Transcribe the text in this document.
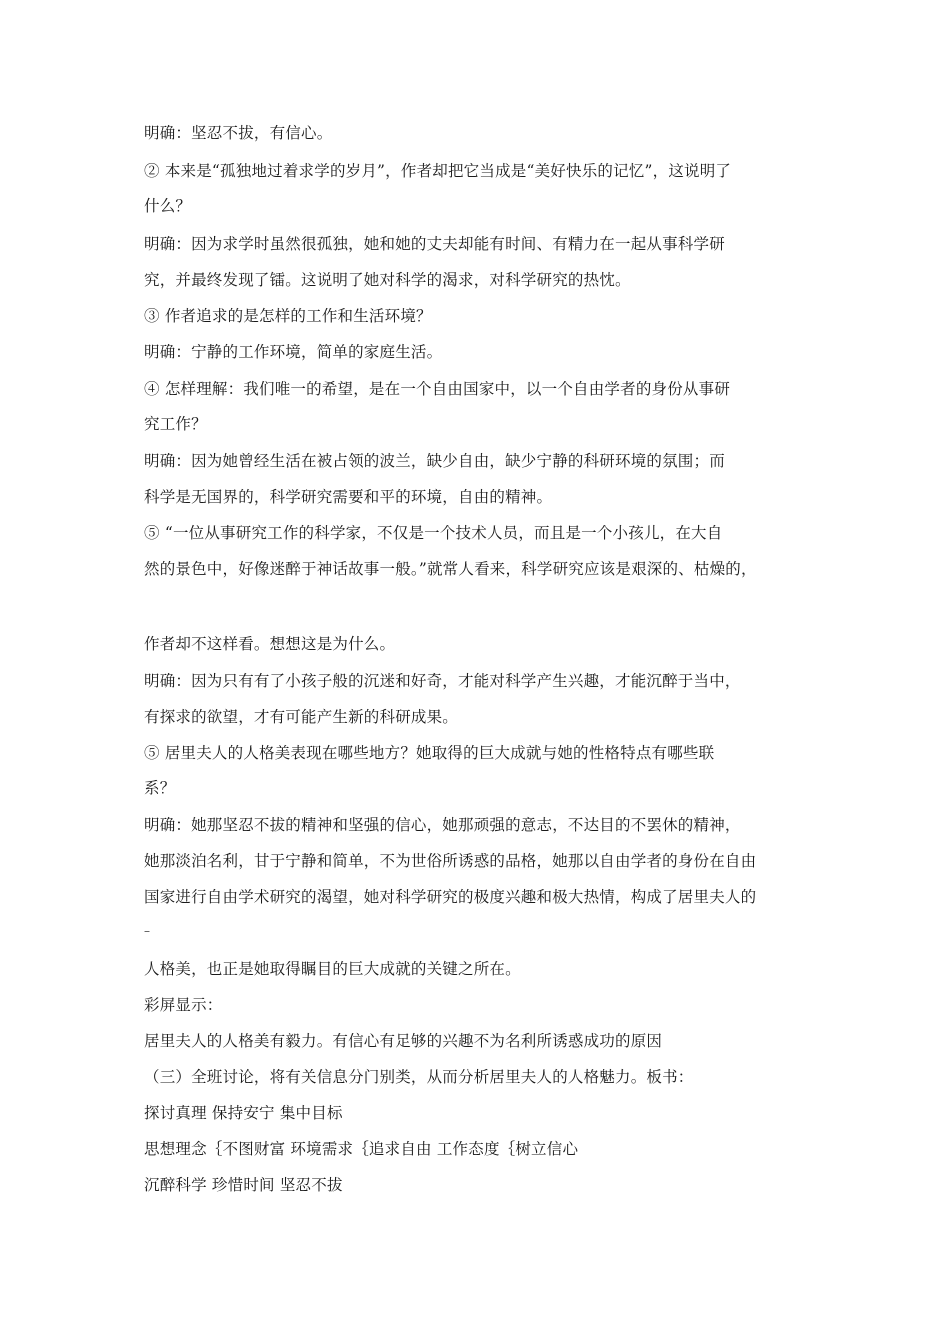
明确：坚忍不拔，有信心。
② 本来是“孤独地过着求学的岁月”，作者却把它当成是“美好快乐的记忆”，这说明了
什么？
明确：因为求学时虽然很孤独，她和她的丈夫却能有时间、有精力在一起从事科学研
究，并最终发现了镭。这说明了她对科学的渴求，对科学研究的热忱。
③ 作者追求的是怎样的工作和生活环境？
明确：宁静的工作环境，简单的家庭生活。
④ 怎样理解：我们唯一的希望，是在一个自由国家中，以一个自由学者的身份从事研
究工作？
明确：因为她曾经生活在被占领的波兰，缺少自由，缺少宁静的科研环境的氛围；而
科学是无国界的，科学研究需要和平的环境，自由的精神。
⑤ “一位从事研究工作的科学家，不仅是一个技术人员，而且是一个小孩儿，在大自
然的景色中，好像迷醉于神话故事一般。”就常人看来，科学研究应该是艰深的、枯燥的，
作者却不这样看。想想这是为什么。
明确：因为只有有了小孩子般的沉迷和好奇，才能对科学产生兴趣，才能沉醉于当中，
有探求的欲望，才有可能产生新的科研成果。
⑤ 居里夫人的人格美表现在哪些地方？她取得的巨大成就与她的性格特点有哪些联
系？
明确：她那坚忍不拔的精神和坚强的信心，她那顽强的意志，不达目的不罢休的精神，
她那淡泊名利，甘于宁静和简单，不为世俗所诱惑的品格，她那以自由学者的身份在自由
国家进行自由学术研究的渴望，她对科学研究的极度兴趣和极大热情，构成了居里夫人的
–
人格美，也正是她取得瞩目的巨大成就的关键之所在。
彩屏显示：
居里夫人的人格美有毅力。有信心有足够的兴趣不为名利所诱惑成功的原因
（三）全班讨论，将有关信息分门别类，从而分析居里夫人的人格魅力。板书：
探讨真理 保持安宁 集中目标
思想理念｛不图财富 环境需求｛追求自由 工作态度｛树立信心
沉醉科学 珍惜时间 坚忍不拔
